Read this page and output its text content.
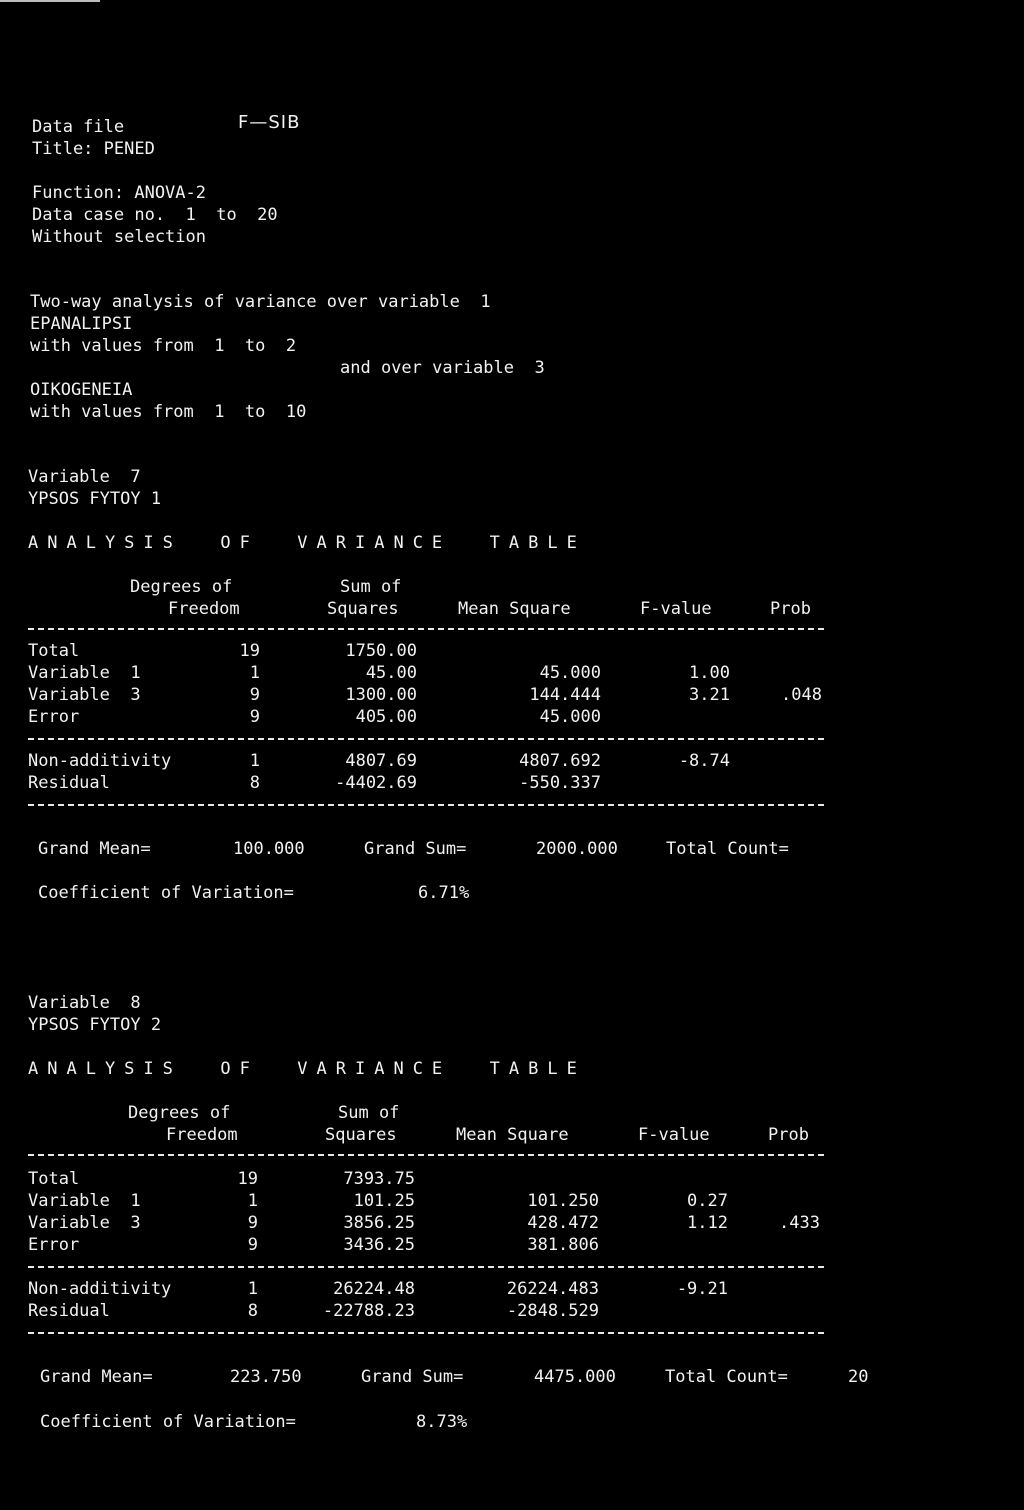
Data file	F—SIB
Title: PENED
Function: ANOVA-2
Data case no.  1  to  20
Without selection
Two-way analysis of variance over variable  1
EPANALIPSI
with values from  1  to  2
and over variable  3
OIKOGENEIA
with values from  1  to  10
Variable  7
YPSOS FYTOY 1
ANALYSIS  OF  VARIANCE  TABLE
Degrees of	Sum of
Freedom	Squares	Mean Square	F-value	Prob
Total	19	1750.00
Variable  1	1	45.00	45.000	1.00
Variable  3	9	1300.00	144.444	3.21	.048
Error	9	405.00	45.000
Non-additivity	1	4807.69	4807.692	-8.74
Residual	8	-4402.69	-550.337
Grand Mean=	100.000	Grand Sum=	2000.000	Total Count=
Coefficient of Variation=	6.71%
Variable  8
YPSOS FYTOY 2
ANALYSIS  OF  VARIANCE  TABLE
Degrees of	Sum of
Freedom	Squares	Mean Square	F-value	Prob
Total	19	7393.75
Variable  1	1	101.25	101.250	0.27
Variable  3	9	3856.25	428.472	1.12	.433
Error	9	3436.25	381.806
Non-additivity	1	26224.48	26224.483	-9.21
Residual	8	-22788.23	-2848.529
Grand Mean=	223.750	Grand Sum=	4475.000	Total Count=	20
Coefficient of Variation=	8.73%
